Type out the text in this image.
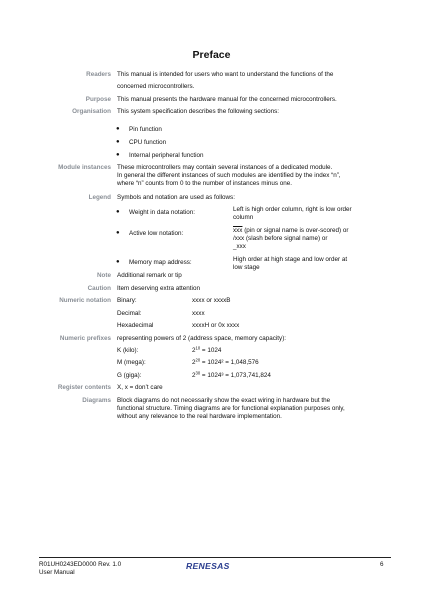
Preface
Readers This manual is intended for users who want to understand the functions of the
concerned microcontrollers.
Purpose This manual presents the hardware manual for the concerned microcontrollers.
Organisation This system specification describes the following sections:
● Pin function
● CPU function
● Internal peripheral function
Module instances These microcontrollers may contain several instances of a dedicated module.
In general the different instances of such modules are identified by the index “n”,
where “n” counts from 0 to the number of instances minus one.
Legend Symbols and notation are used as follows:
● Weight in data notation:	Left is high order column, right is low order
column
● Active low notation:	$\overline{xxx}$ (pin or signal name is over-scored) or
/xxx (slash before signal name) or
_xxx
● Memory map address:	High order at high stage and low order at
low stage
Note Additional remark or tip
Caution Item deserving extra attention
Numeric notation Binary:	xxxx or xxxxB
Decimal:	xxxx
Hexadecimal	xxxxH or 0x xxxx
Numeric prefixes representing powers of 2 (address space, memory capacity):
K (kilo):	$2^{10} = 1024$
M (mega):	$2^{20} = 1024^2 = 1,048,576$
G (giga):	$2^{30} = 1024^3 = 1,073,741,824$
Register contents X, x = don’t care
Diagrams Block diagrams do not necessarily show the exact wiring in hardware but the
functional structure. Timing diagrams are for functional explanation purposes only,
without any relevance to the real hardware implementation.
R01UH0243ED0000 Rev. 1.0
User Manual
RENESAS	6
